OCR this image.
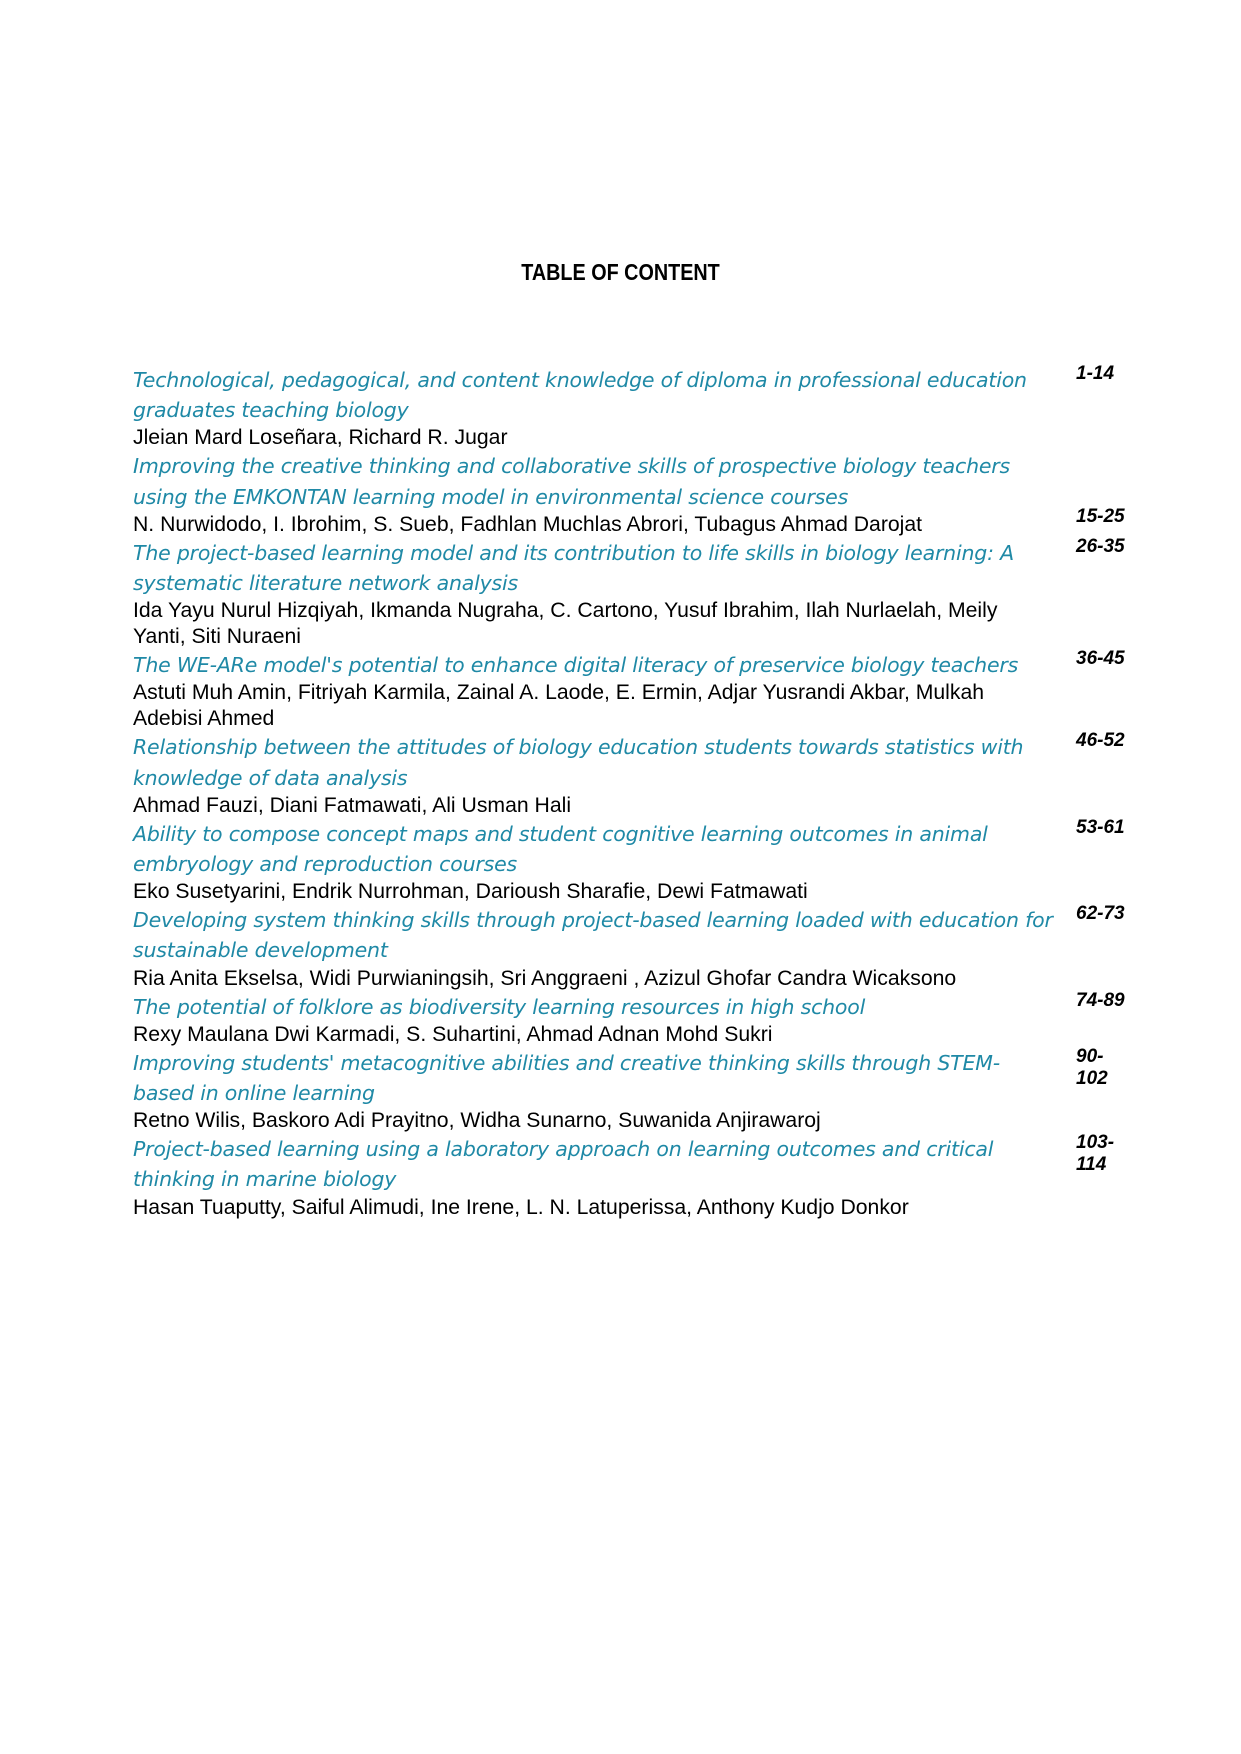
TABLE OF CONTENT
Technological, pedagogical, and content knowledge of diploma in professional education graduates teaching biology
Jleian Mard Loseñara, Richard R. Jugar
1-14
Improving the creative thinking and collaborative skills of prospective biology teachers using the EMKONTAN learning model in environmental science courses
N. Nurwidodo, I. Ibrohim, S. Sueb, Fadhlan Muchlas Abrori, Tubagus Ahmad Darojat	15-25
The project-based learning model and its contribution to life skills in biology learning: A systematic literature network analysis
Ida Yayu Nurul Hizqiyah, Ikmanda Nugraha, C. Cartono, Yusuf Ibrahim, Ilah Nurlaelah, Meily Yanti, Siti Nuraeni
26-35
The WE-ARe model's potential to enhance digital literacy of preservice biology teachers
Astuti Muh Amin, Fitriyah Karmila, Zainal A. Laode, E. Ermin, Adjar Yusrandi Akbar, Mulkah Adebisi Ahmed
36-45
Relationship between the attitudes of biology education students towards statistics with knowledge of data analysis
Ahmad Fauzi, Diani Fatmawati, Ali Usman Hali
46-52
Ability to compose concept maps and student cognitive learning outcomes in animal embryology and reproduction courses
Eko Susetyarini, Endrik Nurrohman, Darioush Sharafie, Dewi Fatmawati
53-61
Developing system thinking skills through project-based learning loaded with education for sustainable development
Ria Anita Ekselsa, Widi Purwianingsih, Sri Anggraeni , Azizul Ghofar Candra Wicaksono
62-73
The potential of folklore as biodiversity learning resources in high school
Rexy Maulana Dwi Karmadi, S. Suhartini, Ahmad Adnan Mohd Sukri
74-89
Improving students' metacognitive abilities and creative thinking skills through STEM-based in online learning
Retno Wilis, Baskoro Adi Prayitno, Widha Sunarno, Suwanida Anjirawaroj
90-102
Project-based learning using a laboratory approach on learning outcomes and critical thinking in marine biology
Hasan Tuaputty, Saiful Alimudi, Ine Irene, L. N. Latuperissa, Anthony Kudjo Donkor
103-114
